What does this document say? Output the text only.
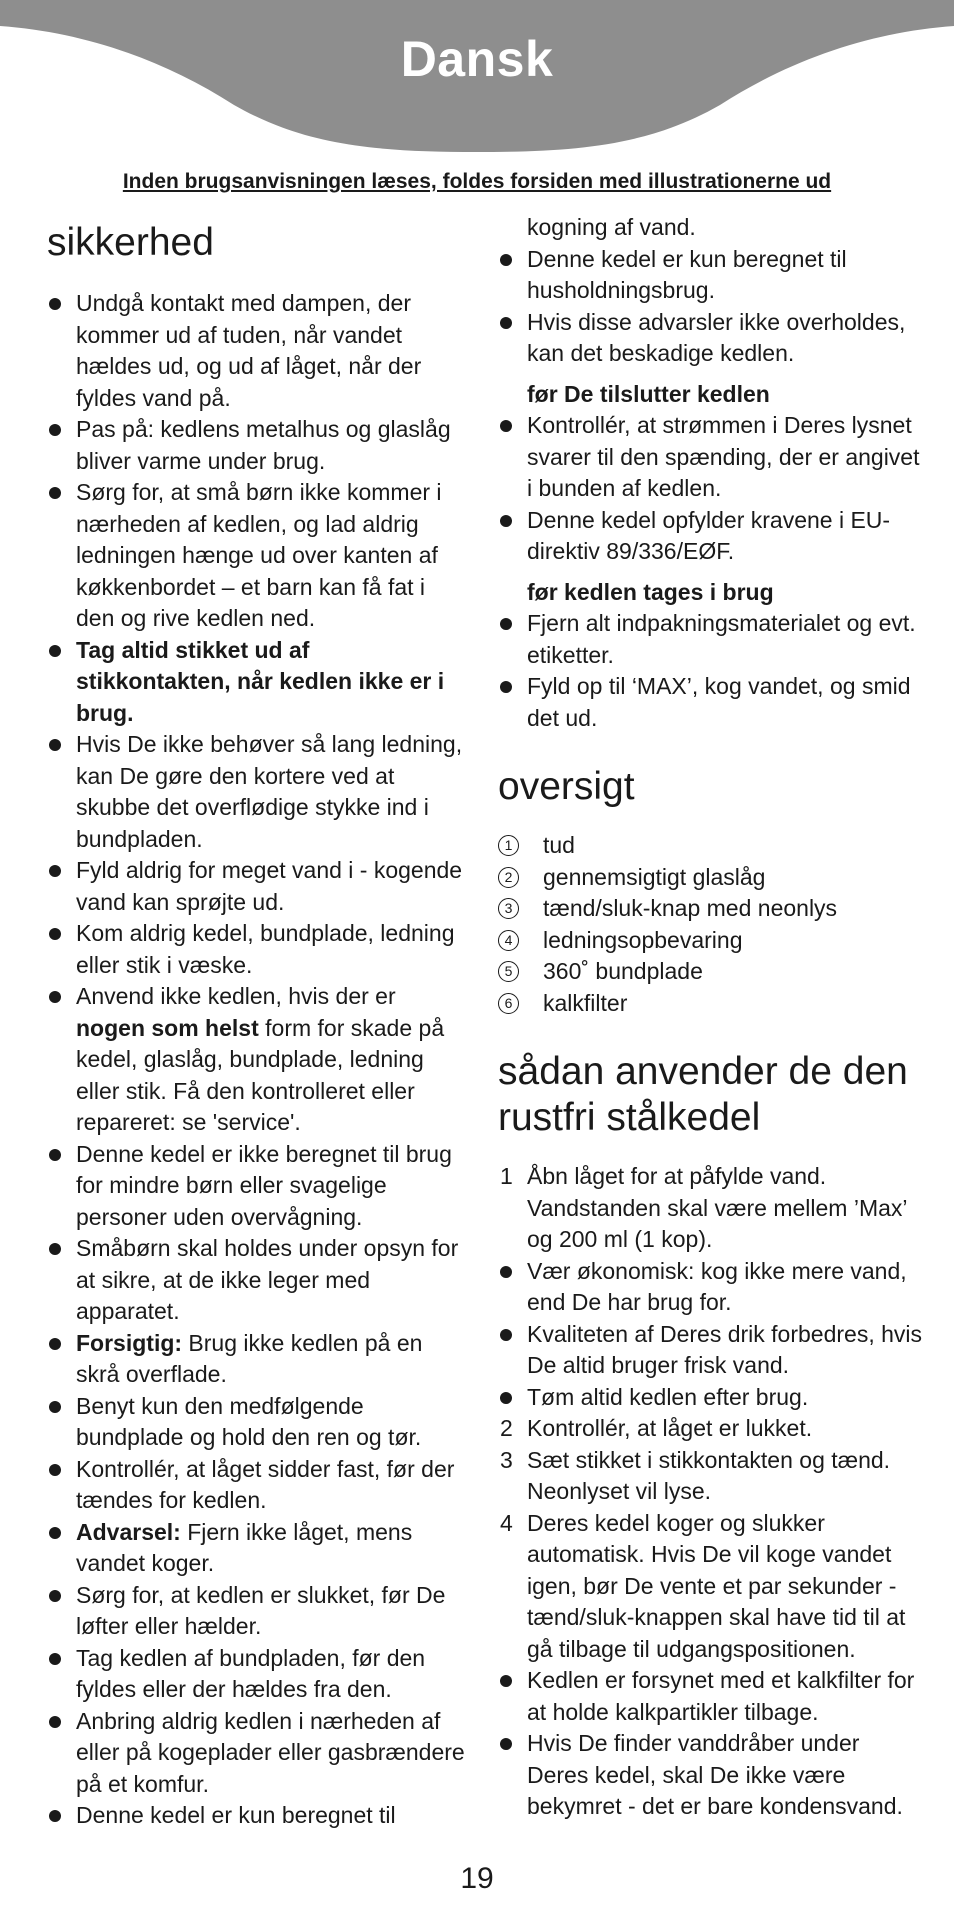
Dansk
Inden brugsanvisningen læses, foldes forsiden med illustrationerne ud
sikkerhed
Undgå kontakt med dampen, der kommer ud af tuden, når vandet hældes ud, og ud af låget, når der fyldes vand på.
Pas på: kedlens metalhus og glaslåg bliver varme under brug.
Sørg for, at små børn ikke kommer i nærheden af kedlen, og lad aldrig ledningen hænge ud over kanten af køkkenbordet – et barn kan få fat i den og rive kedlen ned.
Tag altid stikket ud af stikkontakten, når kedlen ikke er i brug.
Hvis De ikke behøver så lang ledning, kan De gøre den kortere ved at skubbe det overflødige stykke ind i bundpladen.
Fyld aldrig for meget vand i - kogende vand kan sprøjte ud.
Kom aldrig kedel, bundplade, ledning eller stik i væske.
Anvend ikke kedlen, hvis der er nogen som helst form for skade på kedel, glaslåg, bundplade, ledning eller stik. Få den kontrolleret eller repareret: se 'service'.
Denne kedel er ikke beregnet til brug for mindre børn eller svagelige personer uden overvågning.
Småbørn skal holdes under opsyn for at sikre, at de ikke leger med apparatet.
Forsigtig: Brug ikke kedlen på en skrå overflade.
Benyt kun den medfølgende bundplade og hold den ren og tør.
Kontrollér, at låget sidder fast, før der tændes for kedlen.
Advarsel: Fjern ikke låget, mens vandet koger.
Sørg for, at kedlen er slukket, før De løfter eller hælder.
Tag kedlen af bundpladen, før den fyldes eller der hældes fra den.
Anbring aldrig kedlen i nærheden af eller på kogeplader eller gasbrændere på et komfur.
Denne kedel er kun beregnet til
kogning af vand.
Denne kedel er kun beregnet til husholdningsbrug.
Hvis disse advarsler ikke overholdes, kan det beskadige kedlen.
før De tilslutter kedlen
Kontrollér, at strømmen i Deres lysnet svarer til den spænding, der er angivet i bunden af kedlen.
Denne kedel opfylder kravene i EU-direktiv 89/336/EØF.
før kedlen tages i brug
Fjern alt indpakningsmaterialet og evt. etiketter.
Fyld op til ‘MAX’, kog vandet, og smid det ud.
oversigt
1 tud
2 gennemsigtigt glaslåg
3 tænd/sluk-knap med neonlys
4 ledningsopbevaring
5 360˚ bundplade
6 kalkfilter
sådan anvender de den rustfri stålkedel
1 Åbn låget for at påfylde vand. Vandstanden skal være mellem ’Max’ og 200 ml (1 kop).
Vær økonomisk: kog ikke mere vand, end De har brug for.
Kvaliteten af Deres drik forbedres, hvis De altid bruger frisk vand.
Tøm altid kedlen efter brug.
2 Kontrollér, at låget er lukket.
3 Sæt stikket i stikkontakten og tænd. Neonlyset vil lyse.
4 Deres kedel koger og slukker automatisk. Hvis De vil koge vandet igen, bør De vente et par sekunder - tænd/sluk-knappen skal have tid til at gå tilbage til udgangspositionen.
Kedlen er forsynet med et kalkfilter for at holde kalkpartikler tilbage.
Hvis De finder vanddråber under Deres kedel, skal De ikke være bekymret - det er bare kondensvand.
19
